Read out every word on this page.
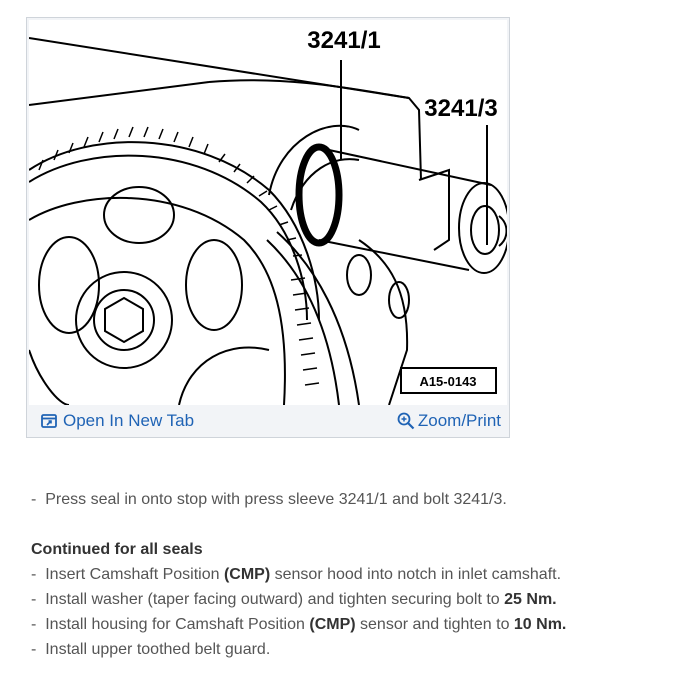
A15-0143
3241/1
3241/3
Open In New Tab	Zoom/Print
-  Press seal in onto stop with press sleeve 3241/1 and bolt 3241/3.
Continued for all seals
-  Insert Camshaft Position (CMP) sensor hood into notch in inlet camshaft.
-  Install washer (taper facing outward) and tighten securing bolt to 25 Nm.
-  Install housing for Camshaft Position (CMP) sensor and tighten to 10 Nm.
-  Install upper toothed belt guard.
